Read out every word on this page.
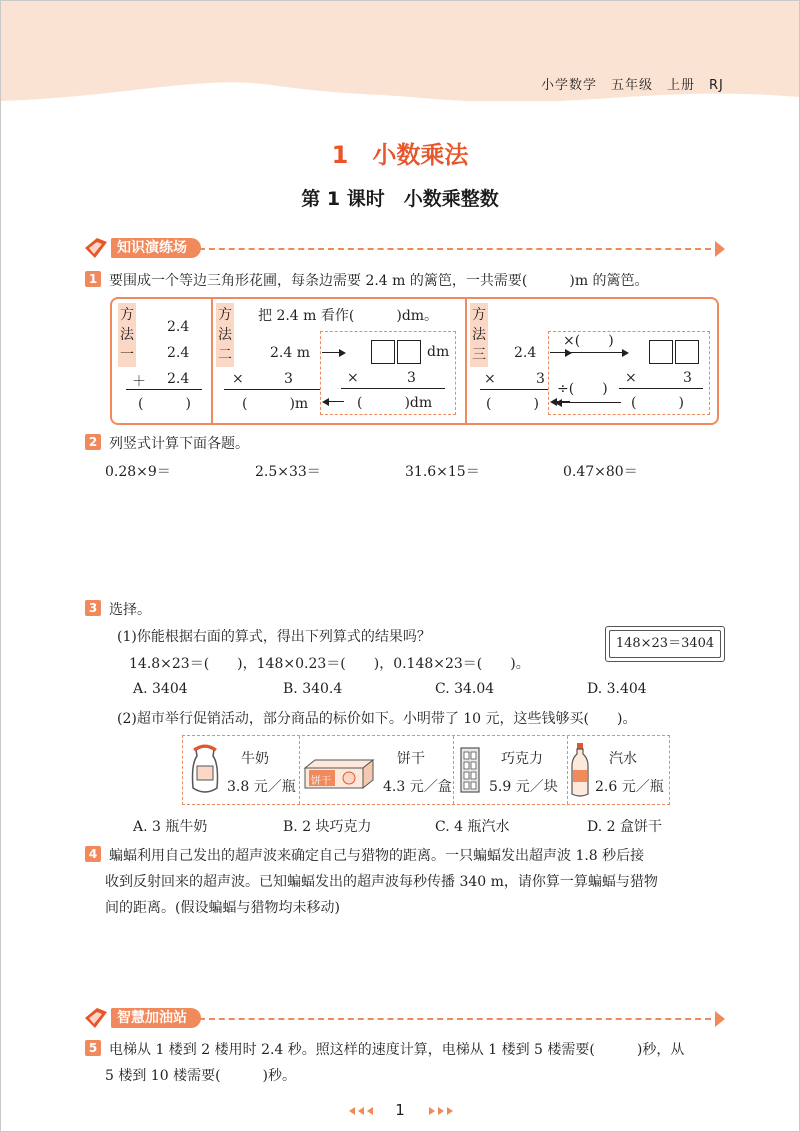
小学数学　五年级　上册　RJ
1　小数乘法
第 1 课时　小数乘整数
知识演练场
1 要围成一个等边三角形花圃，每条边需要 2.4 m 的篱笆，一共需要(　　　)m 的篱笆。
方
法
一
2.4
2.4
＋ 2.4
(　　　)
方
法
二
把 2.4 m 看作(　　　)dm。
2.4 m
×	3
(　　　)m
dm
×	3
(　　　)dm
方
法
三 2.4
×	3
(　　　)
×(　　)
×	3
÷(　　)
(　　　)
2 列竖式计算下面各题。
0.28×9＝	2.5×33＝	31.6×15＝	0.47×80＝
3 选择。
(1)你能根据右面的算式，得出下列算式的结果吗？	148×23＝3404
14.8×23＝(　　)，148×0.23＝(　　)，0.148×23＝(　　)。
A. 3404	B. 340.4	C. 34.04	D. 3.404
(2)超市举行促销活动，部分商品的标价如下。小明带了 10 元，这些钱够买(　　)。
牛奶
3.8 元／瓶 饼干
饼干
4.3 元／盒
巧克力
5.9 元／块
汽水
2.6 元／瓶
A. 3 瓶牛奶	B. 2 块巧克力	C. 4 瓶汽水	D. 2 盒饼干
4 蝙蝠利用自己发出的超声波来确定自己与猎物的距离。一只蝙蝠发出超声波 1.8 秒后接
收到反射回来的超声波。已知蝙蝠发出的超声波每秒传播 340 m，请你算一算蝙蝠与猎物
间的距离。(假设蝙蝠与猎物均未移动)
智慧加油站
5 电梯从 1 楼到 2 楼用时 2.4 秒。照这样的速度计算，电梯从 1 楼到 5 楼需要(　　　)秒，从
5 楼到 10 楼需要(　　　)秒。
1
